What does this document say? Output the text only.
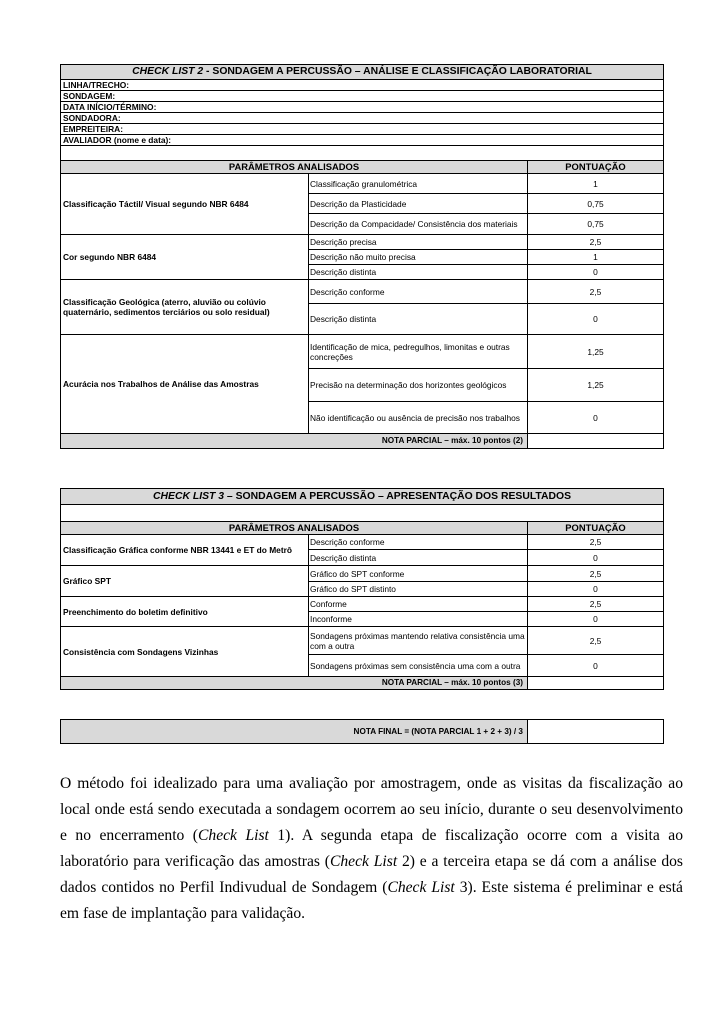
CHECK LIST 2 - SONDAGEM A PERCUSSÃO – ANÁLISE E CLASSIFICAÇÃO LABORATORIAL		
LINHA/TRECHO:		
SONDAGEM:		
DATA INÍCIO/TÉRMINO:		
SONDADORA:		
EMPREITEIRA:		
AVALIADOR (nome e data):		

PARÂMETROS ANALISADOS		PONTUAÇÃO
Classificação Táctil/ Visual segundo NBR 6484	Classificação granulométrica	1
	Descrição da Plasticidade	0,75
	Descrição da Compacidade/ Consistência dos materiais	0,75
Cor segundo NBR 6484	Descrição precisa	2,5
	Descrição não muito precisa	1
	Descrição distinta	0
Classificação Geológica (aterro, aluvião ou colúvio quaternário, sedimentos terciários ou solo residual)	Descrição conforme	2,5
	Descrição distinta	0
Acurácia nos Trabalhos de Análise das Amostras	Identificação de mica, pedregulhos, limonitas e outras concreções	1,25
	Precisão na determinação dos horizontes geológicos	1,25
	Não identificação ou ausência de precisão nos trabalhos	0
NOTA PARCIAL – máx. 10 pontos (2)		
CHECK LIST 3 – SONDAGEM A PERCUSSÃO – APRESENTAÇÃO DOS RESULTADOS		

PARÂMETROS ANALISADOS		PONTUAÇÃO
Classificação Gráfica conforme NBR 13441 e ET do Metrô	Descrição conforme	2,5
	Descrição distinta	0
Gráfico SPT	Gráfico do SPT conforme	2,5
	Gráfico do SPT distinto	0
Preenchimento do boletim definitivo	Conforme	2,5
	Inconforme	0
Consistência com Sondagens Vizinhas	Sondagens próximas mantendo relativa consistência uma com a outra	2,5
	Sondagens próximas sem consistência uma com a outra	0
NOTA PARCIAL – máx. 10 pontos (3)		
NOTA FINAL = (NOTA PARCIAL 1 + 2 + 3) / 3	

O método foi idealizado para uma avaliação por amostragem, onde as visitas da fiscalização ao local onde está sendo executada a sondagem ocorrem ao seu início, durante o seu desenvolvimento e no encerramento (Check List 1). A segunda etapa de fiscalização ocorre com a visita ao laboratório para verificação das amostras (Check List 2) e a terceira etapa se dá com a análise dos dados contidos no Perfil Indivudual de Sondagem (Check List 3). Este sistema é preliminar e está em fase de implantação para validação.
